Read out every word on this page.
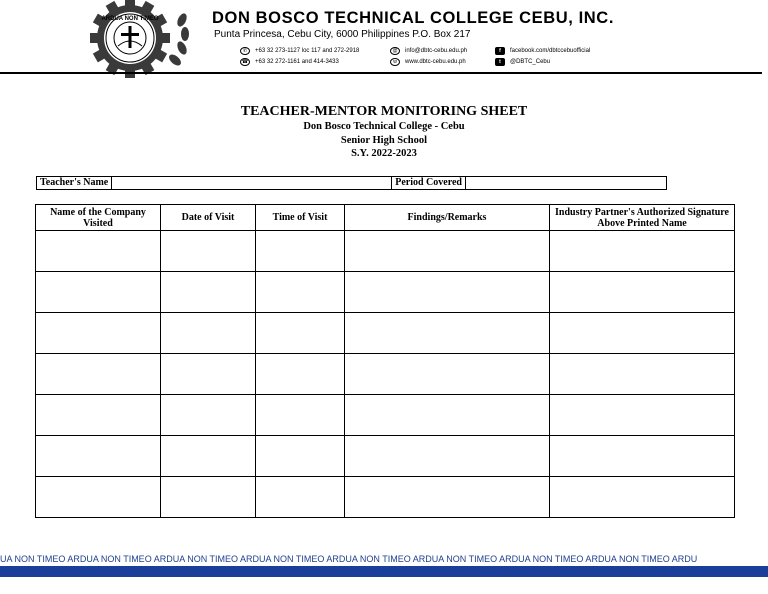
ARDUA NON TIMEO	DON BOSCO TECHNICAL COLLEGE CEBU, INC.
Punta Princesa, Cebu City, 6000 Philippines P.O. Box 217
✆	+63 32 273-1127 loc 117 and 272-2918
☎	+63 32 272-1161 and 414-3433
@	info@dbtc-cebu.edu.ph
w	www.dbtc-cebu.edu.ph
f	facebook.com/dbtccebuofficial
t	@DBTC_Cebu
TEACHER-MENTOR MONITORING SHEET
Don Bosco Technical College - Cebu
Senior High School
S.Y. 2022-2023
Teacher's Name	Period Covered
Name of the Company Visited	Date of Visit	Time of Visit	Findings/Remarks	Industry Partner's Authorized Signature Above Printed Name

UA NON TIMEO ARDUA NON TIMEO ARDUA NON TIMEO ARDUA NON TIMEO ARDUA NON TIMEO ARDUA NON TIMEO ARDUA NON TIMEO ARDUA NON TIMEO ARDU
